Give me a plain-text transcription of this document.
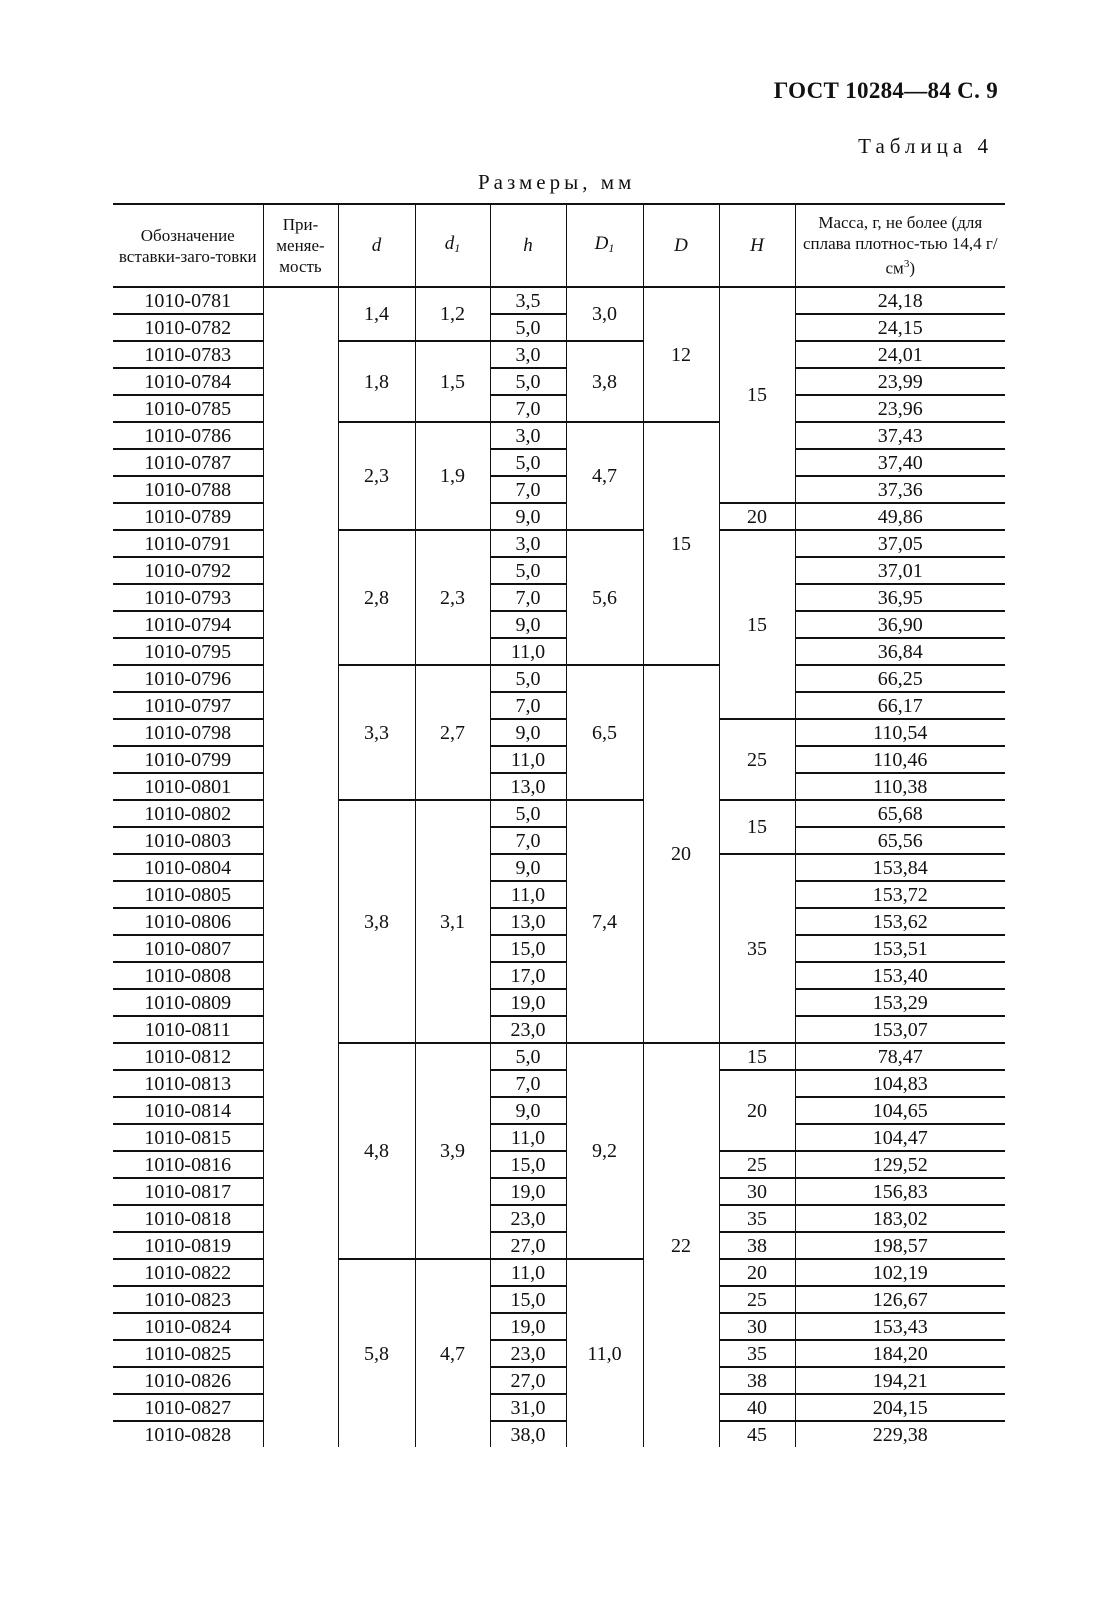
ГОСТ 10284—84 С. 9
Таблица 4
Размеры, мм
Обозначение вставки-заго-товки	При-меняе-мость	d	$d_1$	h	$D_1$	D	H	Масса, г, не более (для сплава плотнос-тью 14,4 $г/см^3$)
1010-0781		1,4	1,2	3,5	3,0	12	15	24,18
1010-0782				5,0				24,15
1010-0783		1,8	1,5	3,0	3,8			24,01
1010-0784				5,0				23,99
1010-0785				7,0				23,96
1010-0786		2,3	1,9	3,0	4,7	15		37,43
1010-0787				5,0				37,40
1010-0788				7,0				37,36
1010-0789				9,0			20	49,86
1010-0791		2,8	2,3	3,0	5,6		15	37,05
1010-0792				5,0				37,01
1010-0793				7,0				36,95
1010-0794				9,0				36,90
1010-0795				11,0				36,84
1010-0796		3,3	2,7	5,0	6,5	20		66,25
1010-0797				7,0				66,17
1010-0798				9,0			25	110,54
1010-0799				11,0				110,46
1010-0801				13,0				110,38
1010-0802		3,8	3,1	5,0	7,4		15	65,68
1010-0803				7,0				65,56
1010-0804				9,0			35	153,84
1010-0805				11,0				153,72
1010-0806				13,0				153,62
1010-0807				15,0				153,51
1010-0808				17,0				153,40
1010-0809				19,0				153,29
1010-0811				23,0				153,07
1010-0812		4,8	3,9	5,0	9,2	22	15	78,47
1010-0813				7,0			20	104,83
1010-0814				9,0				104,65
1010-0815				11,0				104,47
1010-0816				15,0			25	129,52
1010-0817				19,0			30	156,83
1010-0818				23,0			35	183,02
1010-0819				27,0			38	198,57
1010-0822		5,8	4,7	11,0	11,0		20	102,19
1010-0823				15,0			25	126,67
1010-0824				19,0			30	153,43
1010-0825				23,0			35	184,20
1010-0826				27,0			38	194,21
1010-0827				31,0			40	204,15
1010-0828				38,0			45	229,38
